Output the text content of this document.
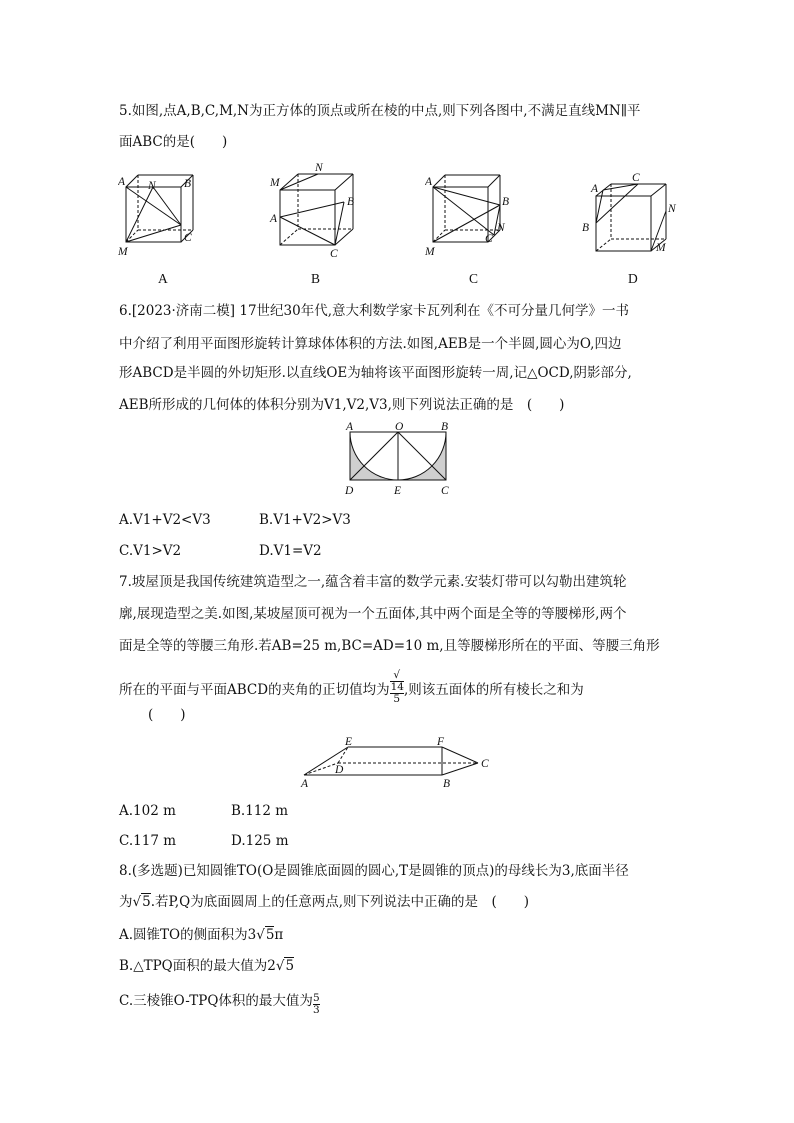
5.如图,点A,B,C,M,N为正方体的顶点或所在棱的中点,则下列各图中,不满足直线MN∥平
面ABC的是(　　)
A	B
C
M
N
A
M
N
A
B
C
B
A
B
C
M
N
C
A
C
B
N
M
D
6.[2023·济南二模] 17世纪30年代,意大利数学家卡瓦列利在《不可分量几何学》一书
中介绍了利用平面图形旋转计算球体体积的方法.如图,AEB是一个半圆,圆心为O,四边
形ABCD是半圆的外切矩形.以直线OE为轴将该平面图形旋转一周,记△OCD,阴影部分,
AEB所形成的几何体的体积分别为V1,V2,V3,则下列说法正确的是　(　　)
A	O	B
D	E	C
A.V1+V2<V3	B.V1+V2>V3
C.V1>V2	D.V1=V2
7.坡屋顶是我国传统建筑造型之一,蕴含着丰富的数学元素.安装灯带可以勾勒出建筑轮
廓,展现造型之美.如图,某坡屋顶可视为一个五面体,其中两个面是全等的等腰梯形,两个
面是全等的等腰三角形.若AB=25 m,BC=AD=10 m,且等腰梯形所在的平面、等腰三角形
所在的平面与平面ABCD的夹角的正切值均为 √
14
5 ,则该五面体的所有棱长之和为
(　　)
E	F
D	C
A	B
A.102 m	B.112 m
C.117 m	D.125 m
8.(多选题)已知圆锥TO(O是圆锥底面圆的圆心,T是圆锥的顶点)的母线长为3,底面半径
为√5.若P,Q为底面圆周上的任意两点,则下列说法中正确的是　(　　)
A.圆锥TO的侧面积为3√5π
B.△TPQ面积的最大值为2√5
C.三棱锥O-TPQ体积的最大值为 $\frac{5}{3}$
